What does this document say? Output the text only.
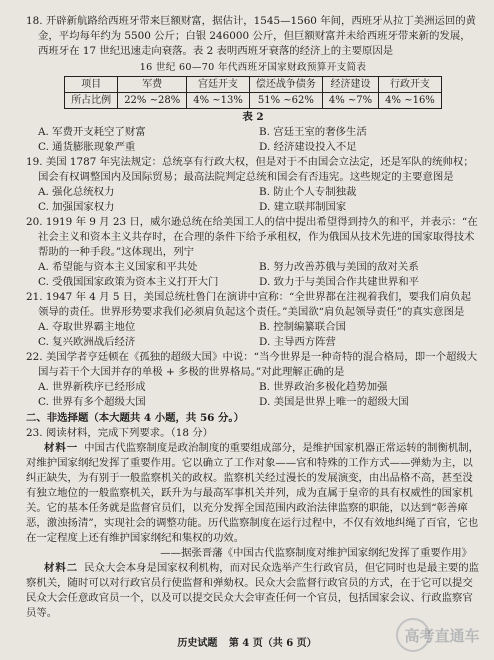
18. 开辟新航路给西班牙带来巨额财富，据估计，1545—1560 年间，西班牙从拉丁美洲运回的黄金，平均每年约为 5500 公斤；白银 246000 公斤，但巨额财富并未给西班牙带来新的发展，西班牙在 17 世纪迅速走向衰落。表 2 表明西班牙衰落的经济上的主要原因是
16 世纪 60—70 年代西班牙国家财政预算开支简表
项目	军费	宫廷开支	偿还战争债务	经济建设	行政开支
所占比例	22% ~28%	4% ~13%	51% ~62%	4% ~7%	4% ~16%
表 2
A. 军费开支耗空了财富	B. 宫廷王室的奢侈生活
C. 通货膨胀现象严重	D. 经济建设投入不足
19. 美国 1787 年宪法规定：总统享有行政大权，但是对于不由国会立法定，还是军队的统帅权；国会有权调整国内及国际贸易；最高法院判定总统和国会有否违宪。这些规定的主要意图是
A. 强化总统权力	B. 防止个人专制独裁
C. 加强国家权力	D. 建立联邦制国家
20. 1919 年 9 月 23 日，威尔逊总统在给美国工人的信中提出希望得到持久的和平，并表示：“在社会主义和资本主义共存时，在合理的条件下给予承租权，作为俄国从技术先进的国家取得技术帮助的一种手段。”这体现出，列宁
A. 希望能与资本主义国家和平共处	B. 努力改善苏俄与美国的敌对关系
C. 受俄国国家政策为资本主义打开大门	D. 致力于与美国合作共建世界和平
21. 1947 年 4 月 5 日，美国总统杜鲁门在演讲中宣称：“全世界都在注视着我们，要我们肩负起领导的责任。世界形势要求我们必须肩负起这个责任。”美国欲“肩负起领导责任”的真实意图是
A. 夺取世界霸主地位	B. 控制编纂联合国
C. 复兴欧洲战后经济	D. 主导西方阵营
22. 美国学者亨廷顿在《孤独的超级大国》中说：“当今世界是一种奇特的混合格局，即一个超级大国与若干个大国并存的单极 + 多极的世界格局。”对此理解正确的是
A. 世界新秩序已经形成	B. 世界政治多极化趋势加强
C. 世界有多个超级大国	D. 美国是世界上唯一的超级大国
二、非选择题（本大题共 4 小题，共 56 分。）
23. 阅读材料，完成下列要求。（18 分）
材料一 中国古代监察制度是政治制度的重要组成部分，是维护国家机器正常运转的制衡机制，对维护国家纲纪发挥了重要作用。它以确立了工作对象——官和特殊的工作方式——弹劾为主，以纠正缺失，为有别于一般监察机关的政权。监察机关经过漫长的发展演变，由出品格不高，甚至没有独立地位的一般监察机关，跃升为与最高军事机关并列，成为直属于皇帝的具有权威性的国家机关。它的基本任务就是监督官员们，以充分发挥全国范围内政治法律监察的职能，以达到“彰善瘅恶，激浊扬清”，实现社会的调整功能。历代监察制度在运行过程中，不仅有效地纠绳了百官，它也在一定程度上还有维护国家纲纪和集权的功效。
——据张晋藩《中国古代监察制度对维护国家纲纪发挥了重要作用》
材料二 民众大会本身是国家权利机构，而对民众选举产生行政官员，但它同时也是最主要的监察机关，随时可以对行政官员行使监督和弹劾权。民众大会监督行政官员的方式，在于它可以提交民众大会任意政官员一个，以及可以提交民众大会审查任何一个官员，包括国家会议、行政监察官员等。
历史试题 第 4 页（共 6 页）	高考直通车
